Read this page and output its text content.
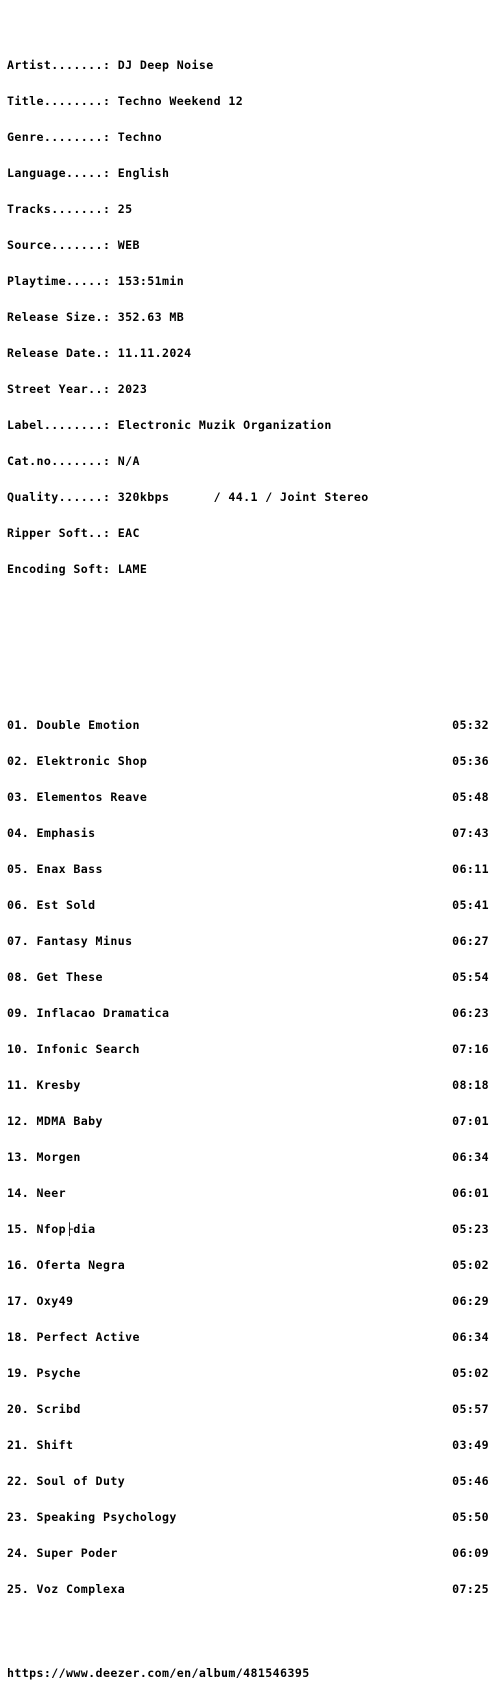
Artist.......: DJ Deep Noise

Title........: Techno Weekend 12

Genre........: Techno

Language.....: English

Tracks.......: 25

Source.......: WEB

Playtime.....: 153:51min

Release Size.: 352.63 MB

Release Date.: 11.11.2024

Street Year..: 2023

Label........: Electronic Muzik Organization

Cat.no.......: N/A

Quality......: 320kbps      / 44.1 / Joint Stereo

Ripper Soft..: EAC

Encoding Soft: LAME

01. Double Emotion	05:32

02. Elektronic Shop	05:36

03. Elementos Reave	05:48

04. Emphasis	07:43

05. Enax Bass	06:11

06. Est Sold	05:41

07. Fantasy Minus	06:27

08. Get These	05:54

09. Inflacao Dramatica	06:23

10. Infonic Search	07:16

11. Kresby	08:18

12. MDMA Baby	07:01

13. Morgen	06:34

14. Neer	06:01

15. Nfop├dia	05:23

16. Oferta Negra	05:02

17. Oxy49	06:29

18. Perfect Active	06:34

19. Psyche	05:02

20. Scribd	05:57

21. Shift	03:49

22. Soul of Duty	05:46

23. Speaking Psychology	05:50

24. Super Poder	06:09

25. Voz Complexa	07:25

https://www.deezer.com/en/album/481546395
